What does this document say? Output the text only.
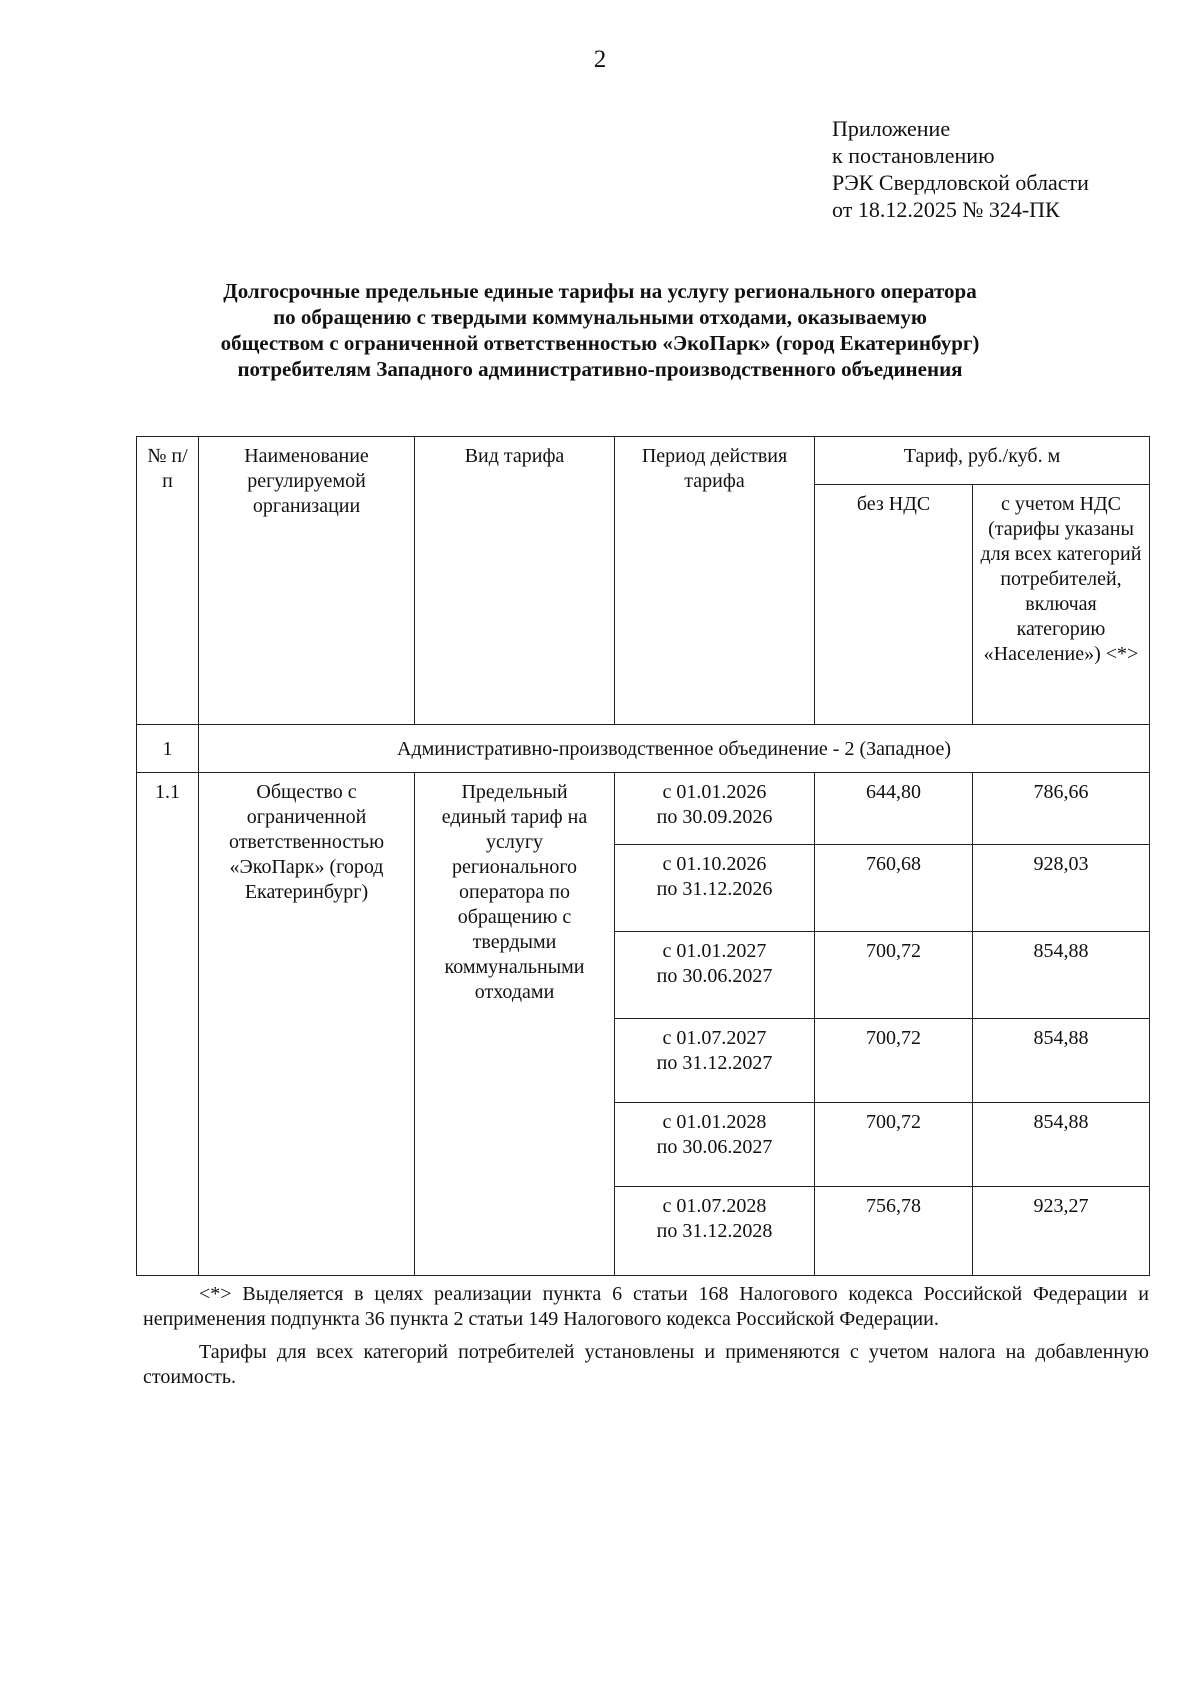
2
Приложение
к постановлению
РЭК Свердловской области
от 18.12.2025 № 324-ПК
Долгосрочные предельные единые тарифы на услугу регионального оператора
по обращению с твердыми коммунальными отходами, оказываемую
обществом с ограниченной ответственностью «ЭкоПарк» (город Екатеринбург)
потребителям Западного административно-производственного объединения
№ п/п	Наименование регулируемой организации	Вид тарифа	Период действия тарифа	Тариф, руб./куб. м	
				без НДС	с учетом НДС (тарифы указаны для всех категорий потребителей, включая категорию «Население») <*>
1	Административно-производственное объединение - 2 (Западное)				
1.1	Общество с ограниченной ответственностью «ЭкоПарк» (город Екатеринбург)	Предельный единый тариф на услугу регионального оператора по обращению с твердыми коммунальными отходами	с 01.01.2026
по 30.09.2026	644,80	786,66

			с 01.10.2026
по 31.12.2026	760,68	928,03

			с 01.01.2027
по 30.06.2027	700,72	854,88

			с 01.07.2027
по 31.12.2027	700,72	854,88

			с 01.01.2028
по 30.06.2027	700,72	854,88

			с 01.07.2028
по 31.12.2028	756,78	923,27

<*> Выделяется в целях реализации пункта 6 статьи 168 Налогового кодекса Российской Федерации и неприменения подпункта 36 пункта 2 статьи 149 Налогового кодекса Российской Федерации.

Тарифы для всех категорий потребителей установлены и применяются с учетом налога на добавленную стоимость.
